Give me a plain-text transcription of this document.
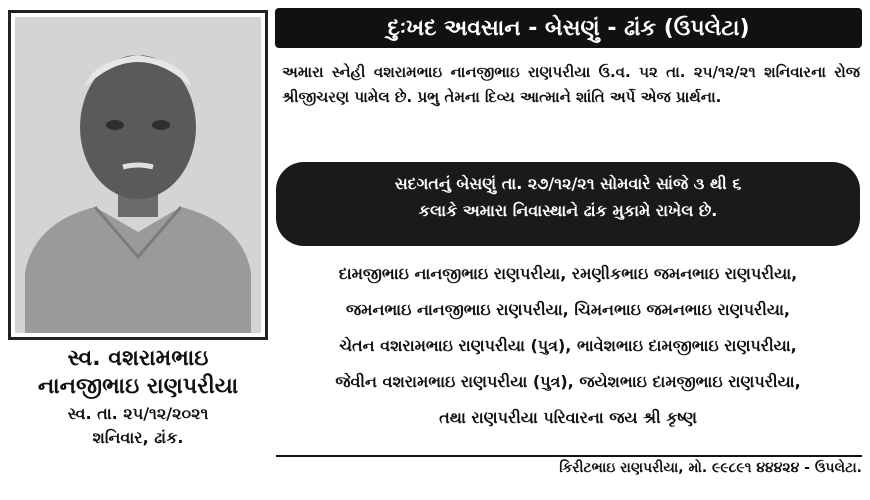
સ્વ. વશરામભાઇ
નાનજીભાઇ રાણપરીયા
સ્વ. તા. ૨૫/૧૨/૨૦૨૧
શનિવાર, ઢાંક.
દુઃખદ અવસાન - બેસણું - ઢાંક (ઉપલેટા)
અમારા સ્નેહી વશરામભાઇ નાનજીભાઇ રાણપરીયા ઉ.વ. ૫૨ તા. ૨૫/૧૨/૨૧ શનિવારના રોજ શ્રીજીચરણ પામેલ છે. પ્રભુ તેમના દિવ્ય આત્માને શાંતિ અર્પે એજ પ્રાર્થના.
સદગતનું બેસણું તા. ૨૭/૧૨/૨૧ સોમવારે સાંજે ૩ થી ૬
કલાકે અમારા નિવાસ્થાને ઢાંક મુકામે રાખેલ છે.
દામજીભાઇ નાનજીભાઇ રાણપરીયા, રમણીકભાઇ જમનભાઇ રાણપરીયા,
જમનભાઇ નાનજીભાઇ રાણપરીયા, ચિમનભાઇ જમનભાઇ રાણપરીયા,
ચેતન વશરામભાઇ રાણપરીયા (પુત્ર), ભાવેશભાઇ દામજીભાઇ રાણપરીયા,
જેવીન વશરામભાઇ રાણપરીયા (પુત્ર), જયેશભાઇ દામજીભાઇ રાણપરીયા,
તથા રાણપરીયા પરિવારના જય શ્રી કૃષ્ણ
કિરીટભાઇ રાણપરીયા, મો. ૯૯૮૯૧ ૪૪૪૨૪ - ઉપલેટા.
